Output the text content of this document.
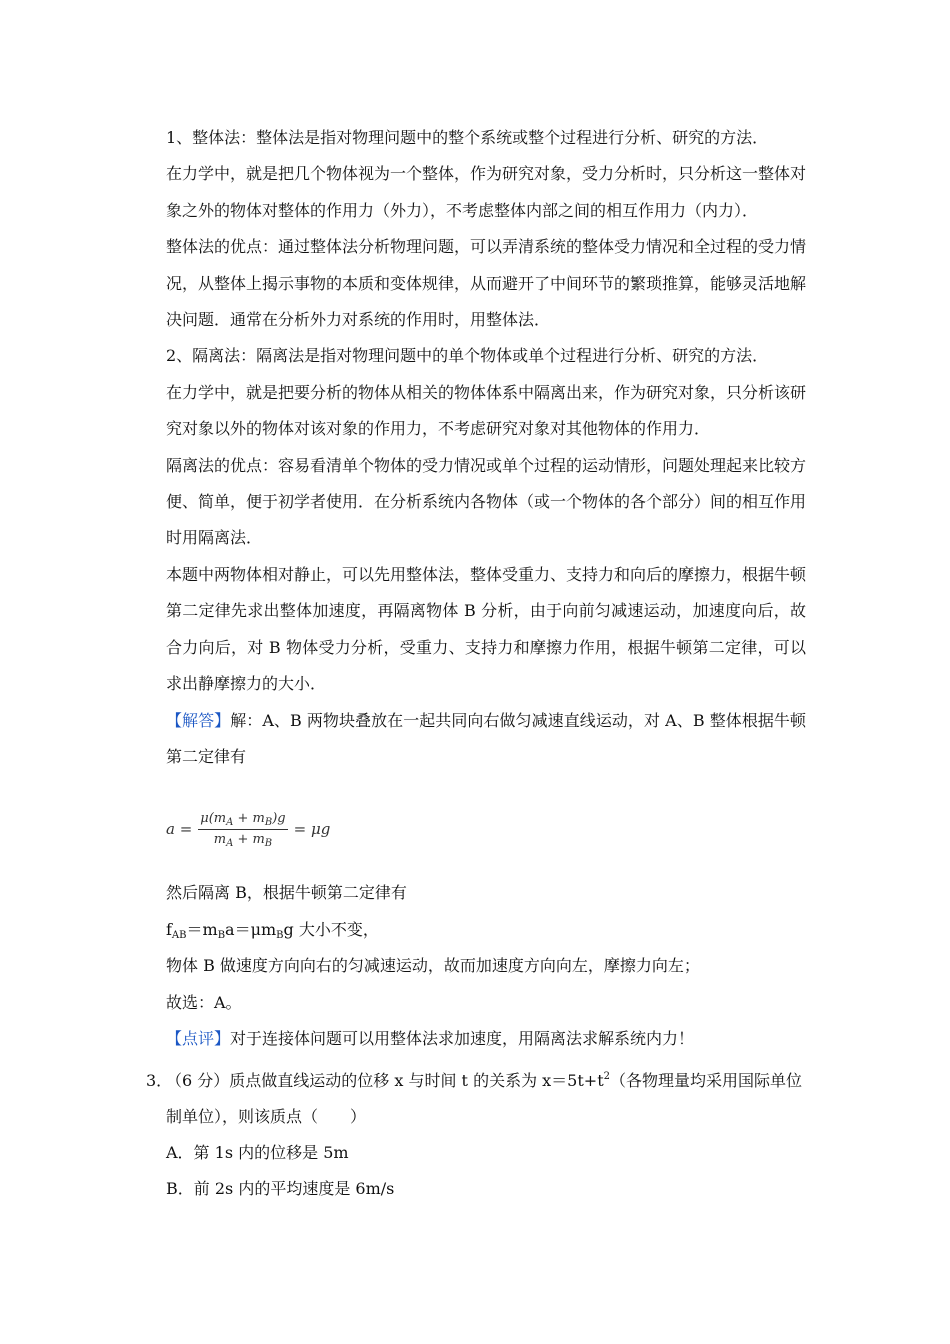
1、整体法：整体法是指对物理问题中的整个系统或整个过程进行分析、研究的方法．

在力学中，就是把几个物体视为一个整体，作为研究对象，受力分析时，只分析这一整体对象之外的物体对整体的作用力（外力），不考虑整体内部之间的相互作用力（内力）．

整体法的优点：通过整体法分析物理问题，可以弄清系统的整体受力情况和全过程的受力情况，从整体上揭示事物的本质和变体规律，从而避开了中间环节的繁琐推算，能够灵活地解决问题．通常在分析外力对系统的作用时，用整体法．

2、隔离法：隔离法是指对物理问题中的单个物体或单个过程进行分析、研究的方法．

在力学中，就是把要分析的物体从相关的物体体系中隔离出来，作为研究对象，只分析该研究对象以外的物体对该对象的作用力，不考虑研究对象对其他物体的作用力．

隔离法的优点：容易看清单个物体的受力情况或单个过程的运动情形，问题处理起来比较方便、简单，便于初学者使用．在分析系统内各物体（或一个物体的各个部分）间的相互作用时用隔离法．

本题中两物体相对静止，可以先用整体法，整体受重力、支持力和向后的摩擦力，根据牛顿第二定律先求出整体加速度，再隔离物体 B 分析，由于向前匀减速运动，加速度向后，故合力向后，对 B 物体受力分析，受重力、支持力和摩擦力作用，根据牛顿第二定律，可以求出静摩擦力的大小．

【解答】解：A、B 两物块叠放在一起共同向右做匀减速直线运动，对 A、B 整体根据牛顿第二定律有

$a = \frac{\mu(m_A + m_B)g}{m_A + m_B} = \mu g$

然后隔离 B，根据牛顿第二定律有

$f_{AB}=m_Ba=\mu m_Bg$ 大小不变，

物体 B 做速度方向向右的匀减速运动，故而加速度方向向左，摩擦力向左；

故选：A。

【点评】对于连接体问题可以用整体法求加速度，用隔离法求解系统内力！

3．（6 分）质点做直线运动的位移 x 与时间 t 的关系为 $x=5t+t^2$（各物理量均采用国际单位

制单位），则该质点（　　）

A．第 1s 内的位移是 5m

B．前 2s 内的平均速度是 6m/s
